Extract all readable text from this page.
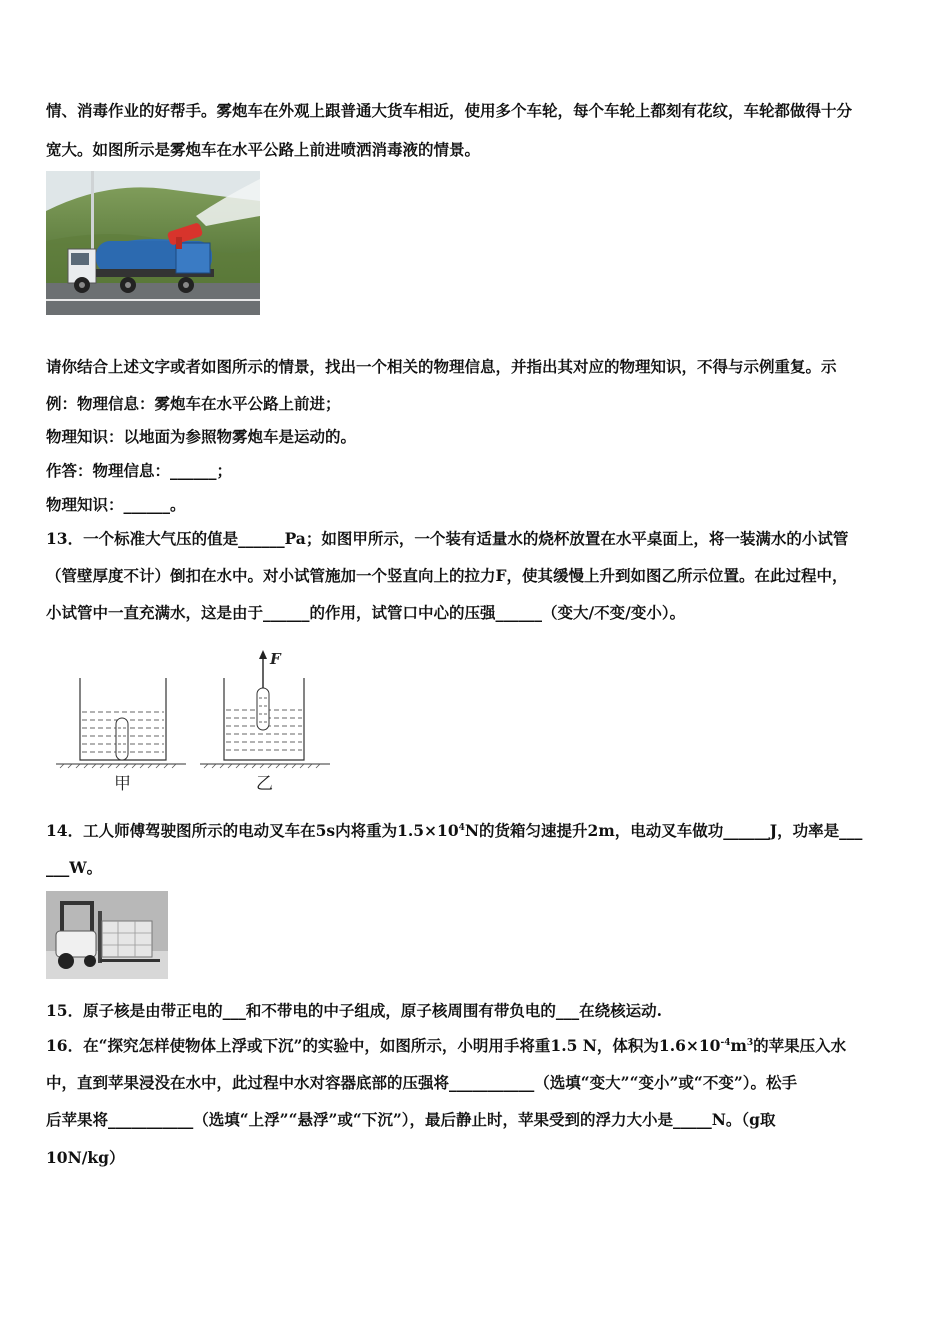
情、消毒作业的好帮手。雾炮车在外观上跟普通大货车相近，使用多个车轮，每个车轮上都刻有花纹，车轮都做得十分
宽大。如图所示是雾炮车在水平公路上前进喷洒消毒液的情景。
请你结合上述文字或者如图所示的情景，找出一个相关的物理信息，并指出其对应的物理知识，不得与示例重复。示
例：物理信息：雾炮车在水平公路上前进；
物理知识：以地面为参照物雾炮车是运动的。
作答：物理信息：______；
物理知识：______。
13．一个标准大气压的值是______Pa；如图甲所示，一个装有适量水的烧杯放置在水平桌面上，将一装满水的小试管
（管壁厚度不计）倒扣在水中。对小试管施加一个竖直向上的拉力F，使其缓慢上升到如图乙所示位置。在此过程中，
小试管中一直充满水，这是由于______的作用，试管口中心的压强______（变大/不变/变小）。
F
甲	乙
14．工人师傅驾驶图所示的电动叉车在5s内将重为$1.5\times 10^4N$的货箱匀速提升2m，电动叉车做功______J，功率是___
___W。
15．原子核是由带正电的___和不带电的中子组成，原子核周围有带负电的___在绕核运动.
16．在“探究怎样使物体上浮或下沉”的实验中，如图所示，小明用手将重1.5 N，体积为$1.6\times 10^{-4}m^3$的苹果压入水
中，直到苹果浸没在水中，此过程中水对容器底部的压强将___________（选填“变大”“变小”或“不变”）。松手
后苹果将___________（选填“上浮”“悬浮”或“下沉”），最后静止时，苹果受到的浮力大小是_____N。（g取
10N/kg）
